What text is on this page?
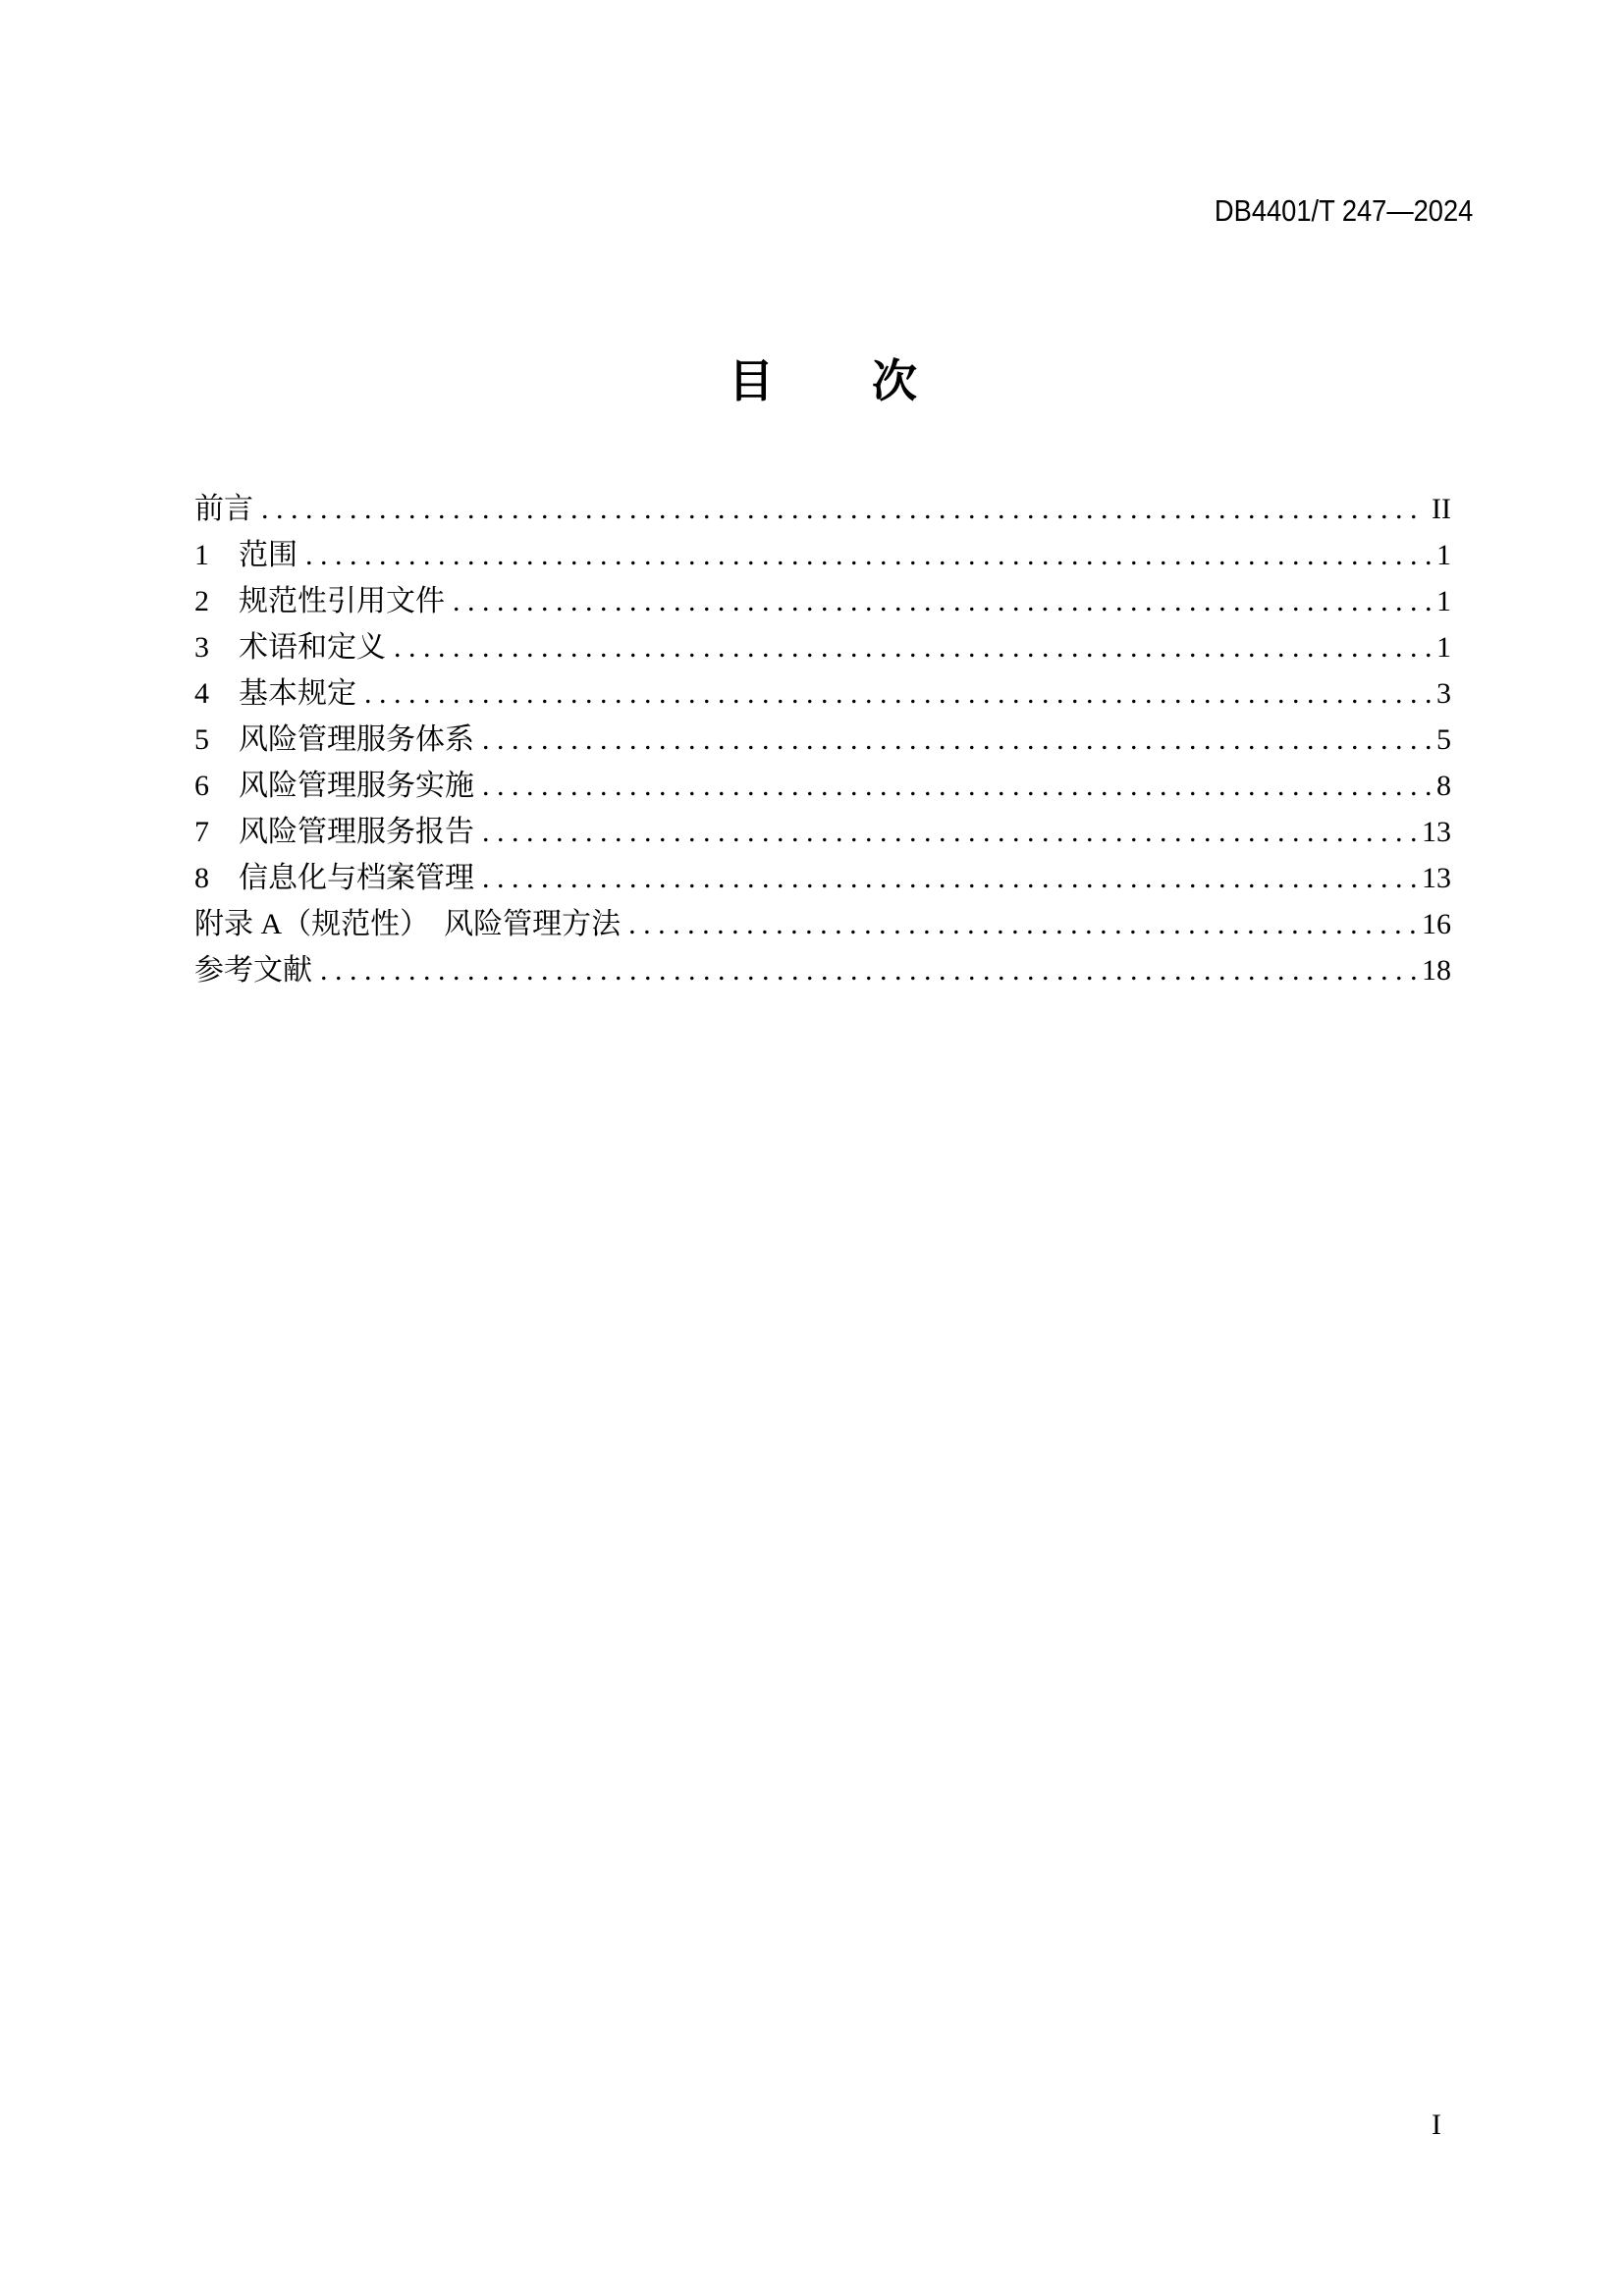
DB4401/T 247—2024
目 次
前言 . . .	II
1　范围 . . .	1
2　规范性引用文件 . . .	1
3　术语和定义 . . .	1
4　基本规定 . . .	3
5　风险管理服务体系 . . .	5
6　风险管理服务实施 . . .	8
7　风险管理服务报告 . . .	13
8　信息化与档案管理 . . .	13
附录 A（规范性）　风险管理方法 . . .	16
参考文献 . . .	18
I
